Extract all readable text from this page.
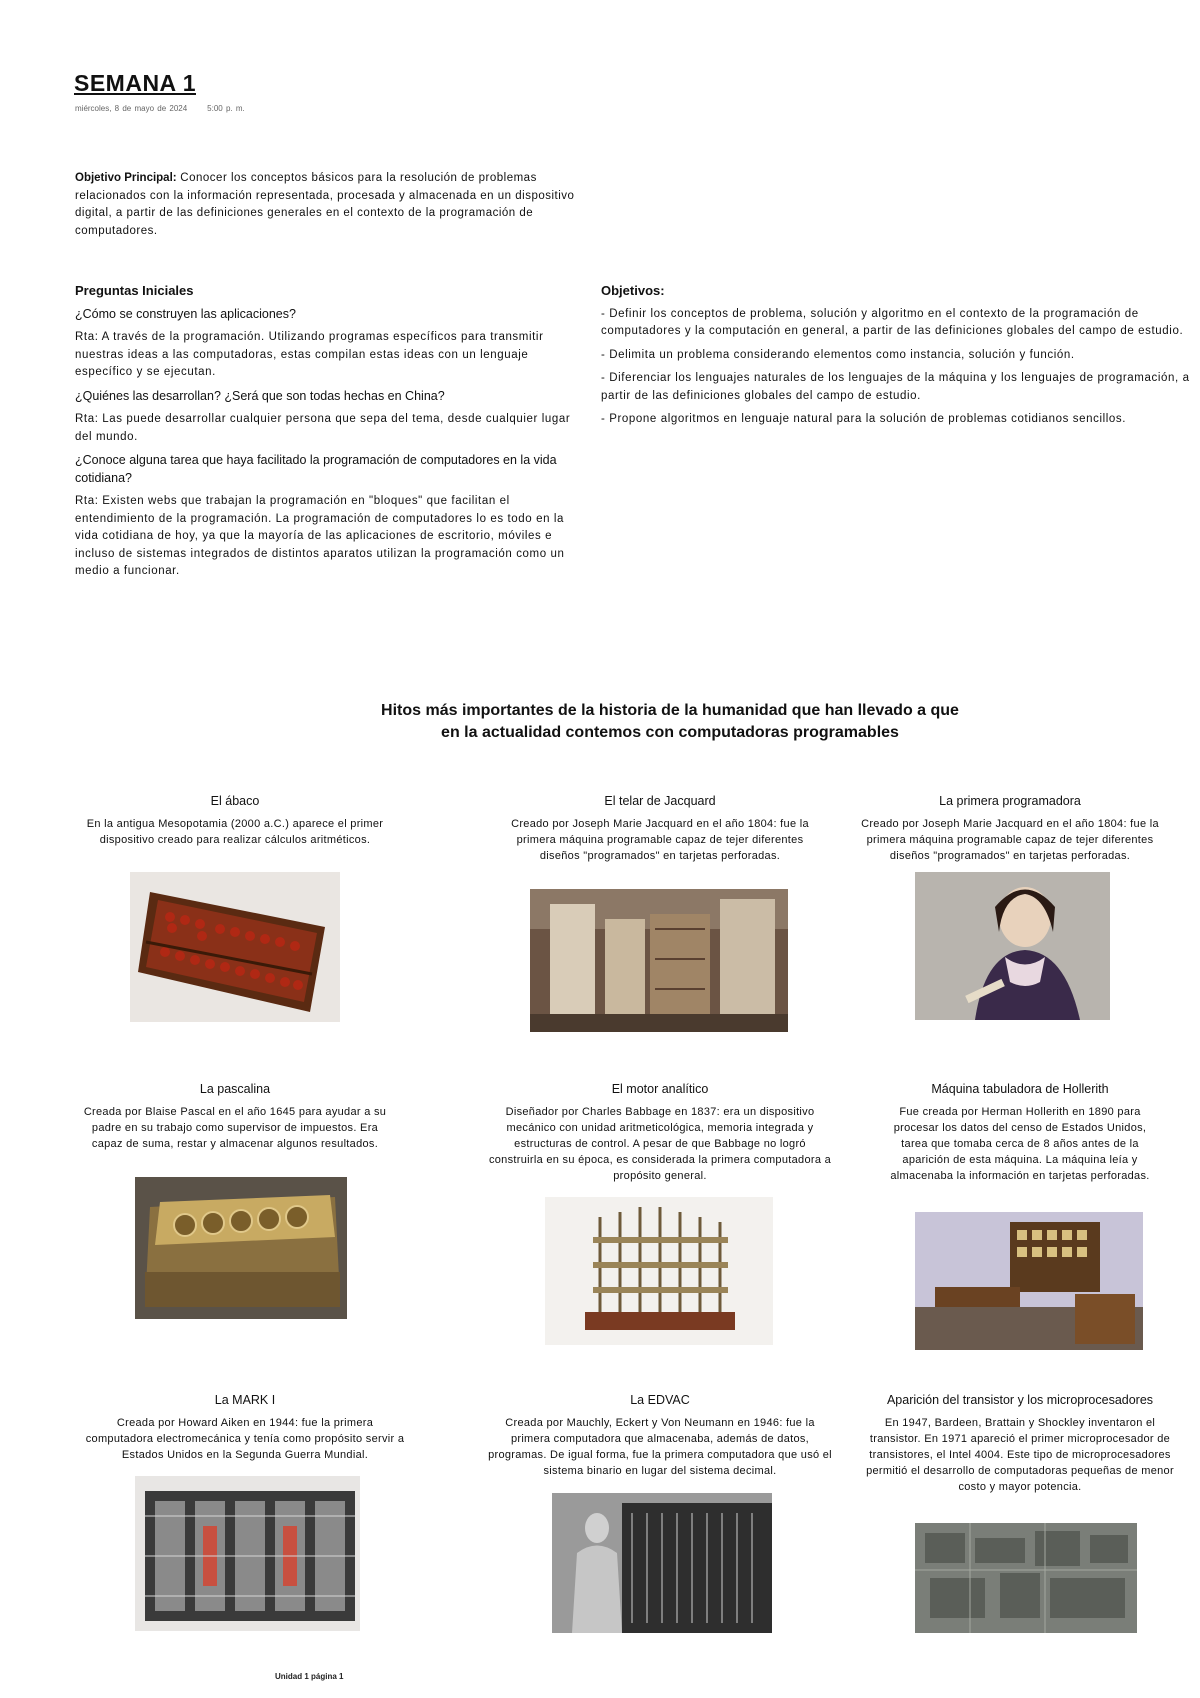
SEMANA 1
miércoles, 8 de mayo de 2024	5:00 p. m.
Objetivo Principal: Conocer los conceptos básicos para la resolución de problemas relacionados con la información representada, procesada y almacenada en un dispositivo digital, a partir de las definiciones generales en el contexto de la programación de computadores.
Preguntas Iniciales

¿Cómo se construyen las aplicaciones?

Rta: A través de la programación. Utilizando programas específicos para transmitir nuestras ideas a las computadoras, estas compilan estas ideas con un lenguaje específico y se ejecutan.

¿Quiénes las desarrollan? ¿Será que son todas hechas en China?

Rta: Las puede desarrollar cualquier persona que sepa del tema, desde cualquier lugar del mundo.

¿Conoce alguna tarea que haya facilitado la programación de computadores en la vida cotidiana?

Rta: Existen webs que trabajan la programación en "bloques" que facilitan el entendimiento de la programación. La programación de computadores lo es todo en la vida cotidiana de hoy, ya que la mayoría de las aplicaciones de escritorio, móviles e incluso de sistemas integrados de distintos aparatos utilizan la programación como un medio a funcionar.

Objetivos:

- Definir los conceptos de problema, solución y algoritmo en el contexto de la programación de computadores y la computación en general, a partir de las definiciones globales del campo de estudio.

- Delimita un problema considerando elementos como instancia, solución y función.

- Diferenciar los lenguajes naturales de los lenguajes de la máquina y los lenguajes de programación, a partir de las definiciones globales del campo de estudio.

- Propone algoritmos en lenguaje natural para la solución de problemas cotidianos sencillos.

Hitos más importantes de la historia de la humanidad que han llevado a que en la actualidad contemos con computadoras programables
El ábaco
En la antigua Mesopotamia (2000 a.C.) aparece el primer dispositivo creado para realizar cálculos aritméticos.
El telar de Jacquard
Creado por Joseph Marie Jacquard en el año 1804: fue la primera máquina programable capaz de tejer diferentes diseños "programados" en tarjetas perforadas.
La primera programadora
Creado por Joseph Marie Jacquard en el año 1804: fue la primera máquina programable capaz de tejer diferentes diseños "programados" en tarjetas perforadas.
La pascalina
Creada por Blaise Pascal en el año 1645 para ayudar a su padre en su trabajo como supervisor de impuestos. Era capaz de suma, restar y almacenar algunos resultados.
El motor analítico
Diseñador por Charles Babbage en 1837: era un dispositivo mecánico con unidad aritmeticológica, memoria integrada y estructuras de control. A pesar de que Babbage no logró construirla en su época, es considerada la primera computadora a propósito general.
Máquina tabuladora de Hollerith
Fue creada por Herman Hollerith en 1890 para procesar los datos del censo de Estados Unidos, tarea que tomaba cerca de 8 años antes de la aparición de esta máquina. La máquina leía y almacenaba la información en tarjetas perforadas.
La MARK I
Creada por Howard Aiken en 1944: fue la primera computadora electromecánica y tenía como propósito servir a Estados Unidos en la Segunda Guerra Mundial.
La EDVAC
Creada por Mauchly, Eckert y Von Neumann en 1946: fue la primera computadora que almacenaba, además de datos, programas. De igual forma, fue la primera computadora que usó el sistema binario en lugar del sistema decimal.
Aparición del transistor y los microprocesadores
En 1947, Bardeen, Brattain y Shockley inventaron el transistor. En 1971 apareció el primer microprocesador de transistores, el Intel 4004. Este tipo de microprocesadores permitió el desarrollo de computadoras pequeñas de menor costo y mayor potencia.
Unidad 1 página 1
